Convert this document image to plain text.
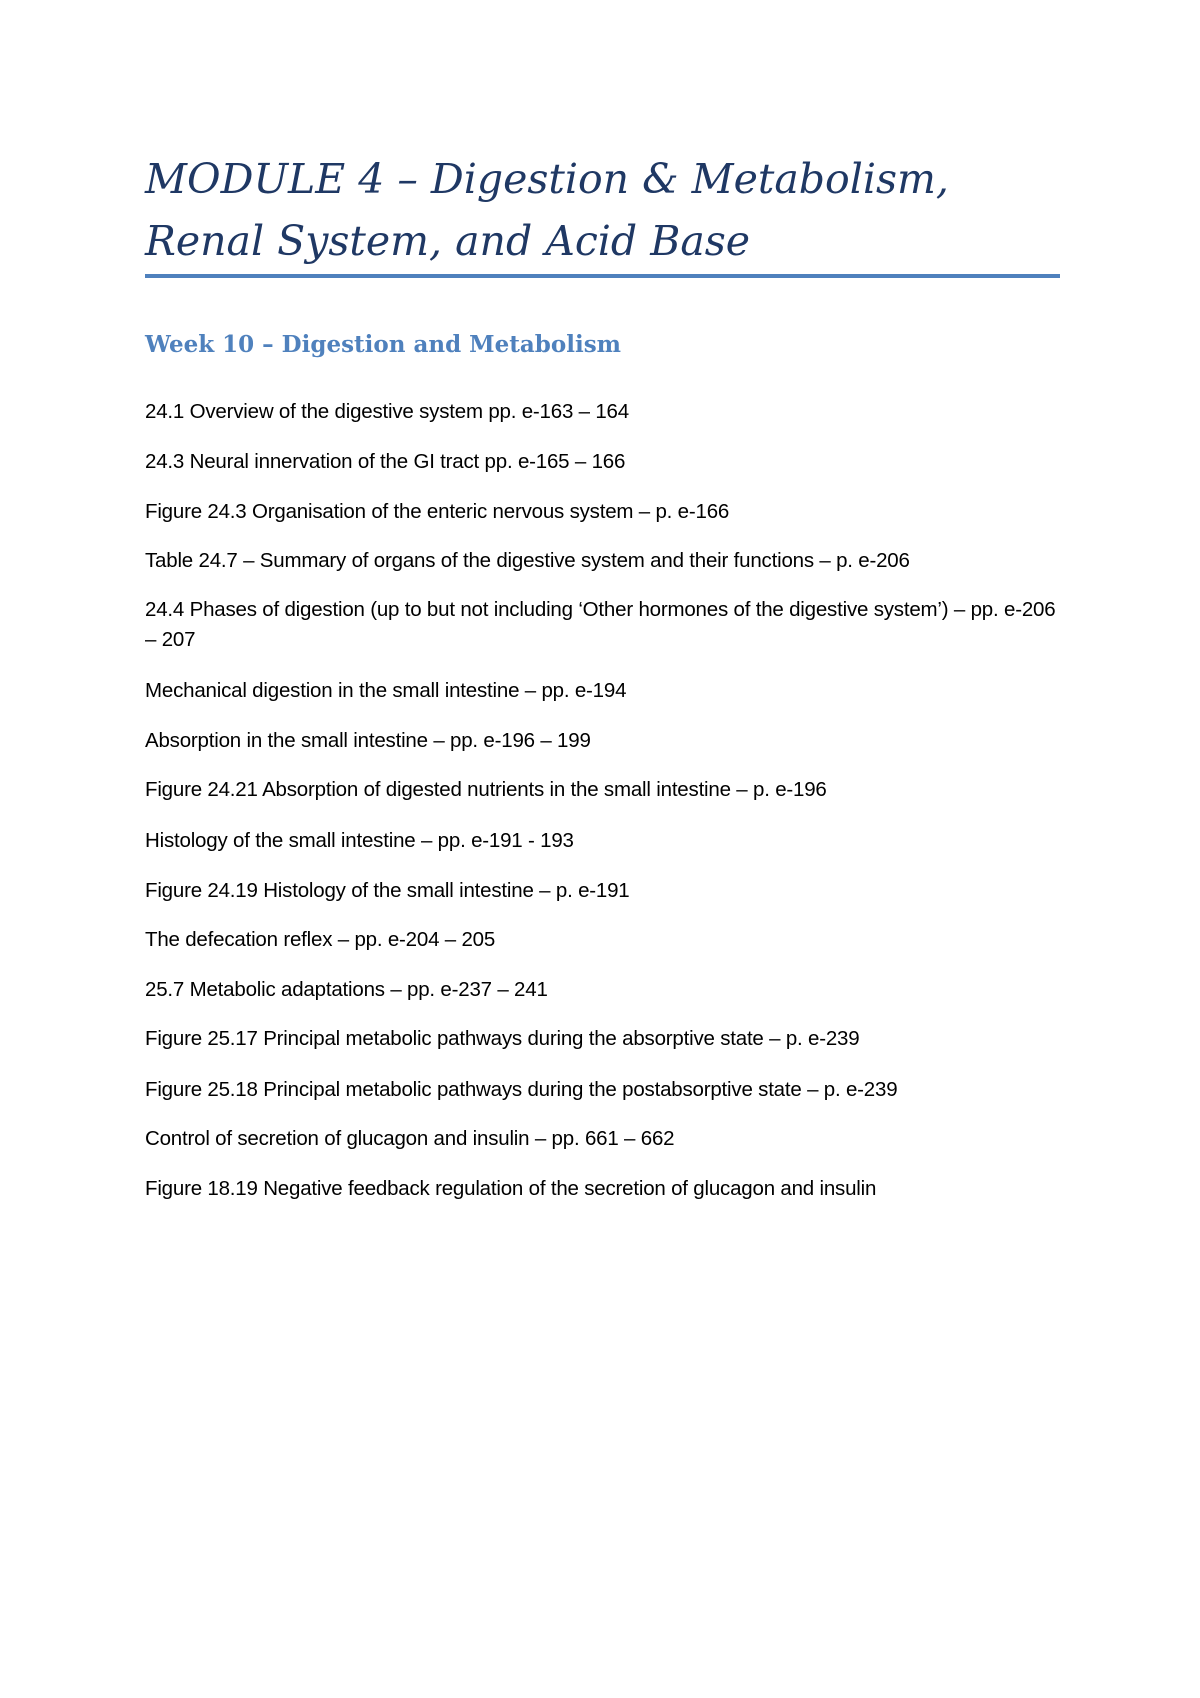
MODULE 4 – Digestion & Metabolism, Renal System, and Acid Base
Week 10 – Digestion and Metabolism

24.1 Overview of the digestive system pp. e-163 – 164

24.3 Neural innervation of the GI tract pp. e-165 – 166

Figure 24.3 Organisation of the enteric nervous system – p. e-166

Table 24.7 – Summary of organs of the digestive system and their functions – p. e-206

24.4 Phases of digestion (up to but not including ‘Other hormones of the digestive system’) – pp. e-206 – 207

Mechanical digestion in the small intestine – pp. e-194

Absorption in the small intestine – pp. e-196 – 199

Figure 24.21 Absorption of digested nutrients in the small intestine – p. e-196

Histology of the small intestine – pp. e-191 - 193

Figure 24.19 Histology of the small intestine – p. e-191

The defecation reflex – pp. e-204 – 205

25.7 Metabolic adaptations – pp. e-237 – 241

Figure 25.17 Principal metabolic pathways during the absorptive state – p. e-239

Figure 25.18 Principal metabolic pathways during the postabsorptive state – p. e-239

Control of secretion of glucagon and insulin – pp. 661 – 662

Figure 18.19 Negative feedback regulation of the secretion of glucagon and insulin
